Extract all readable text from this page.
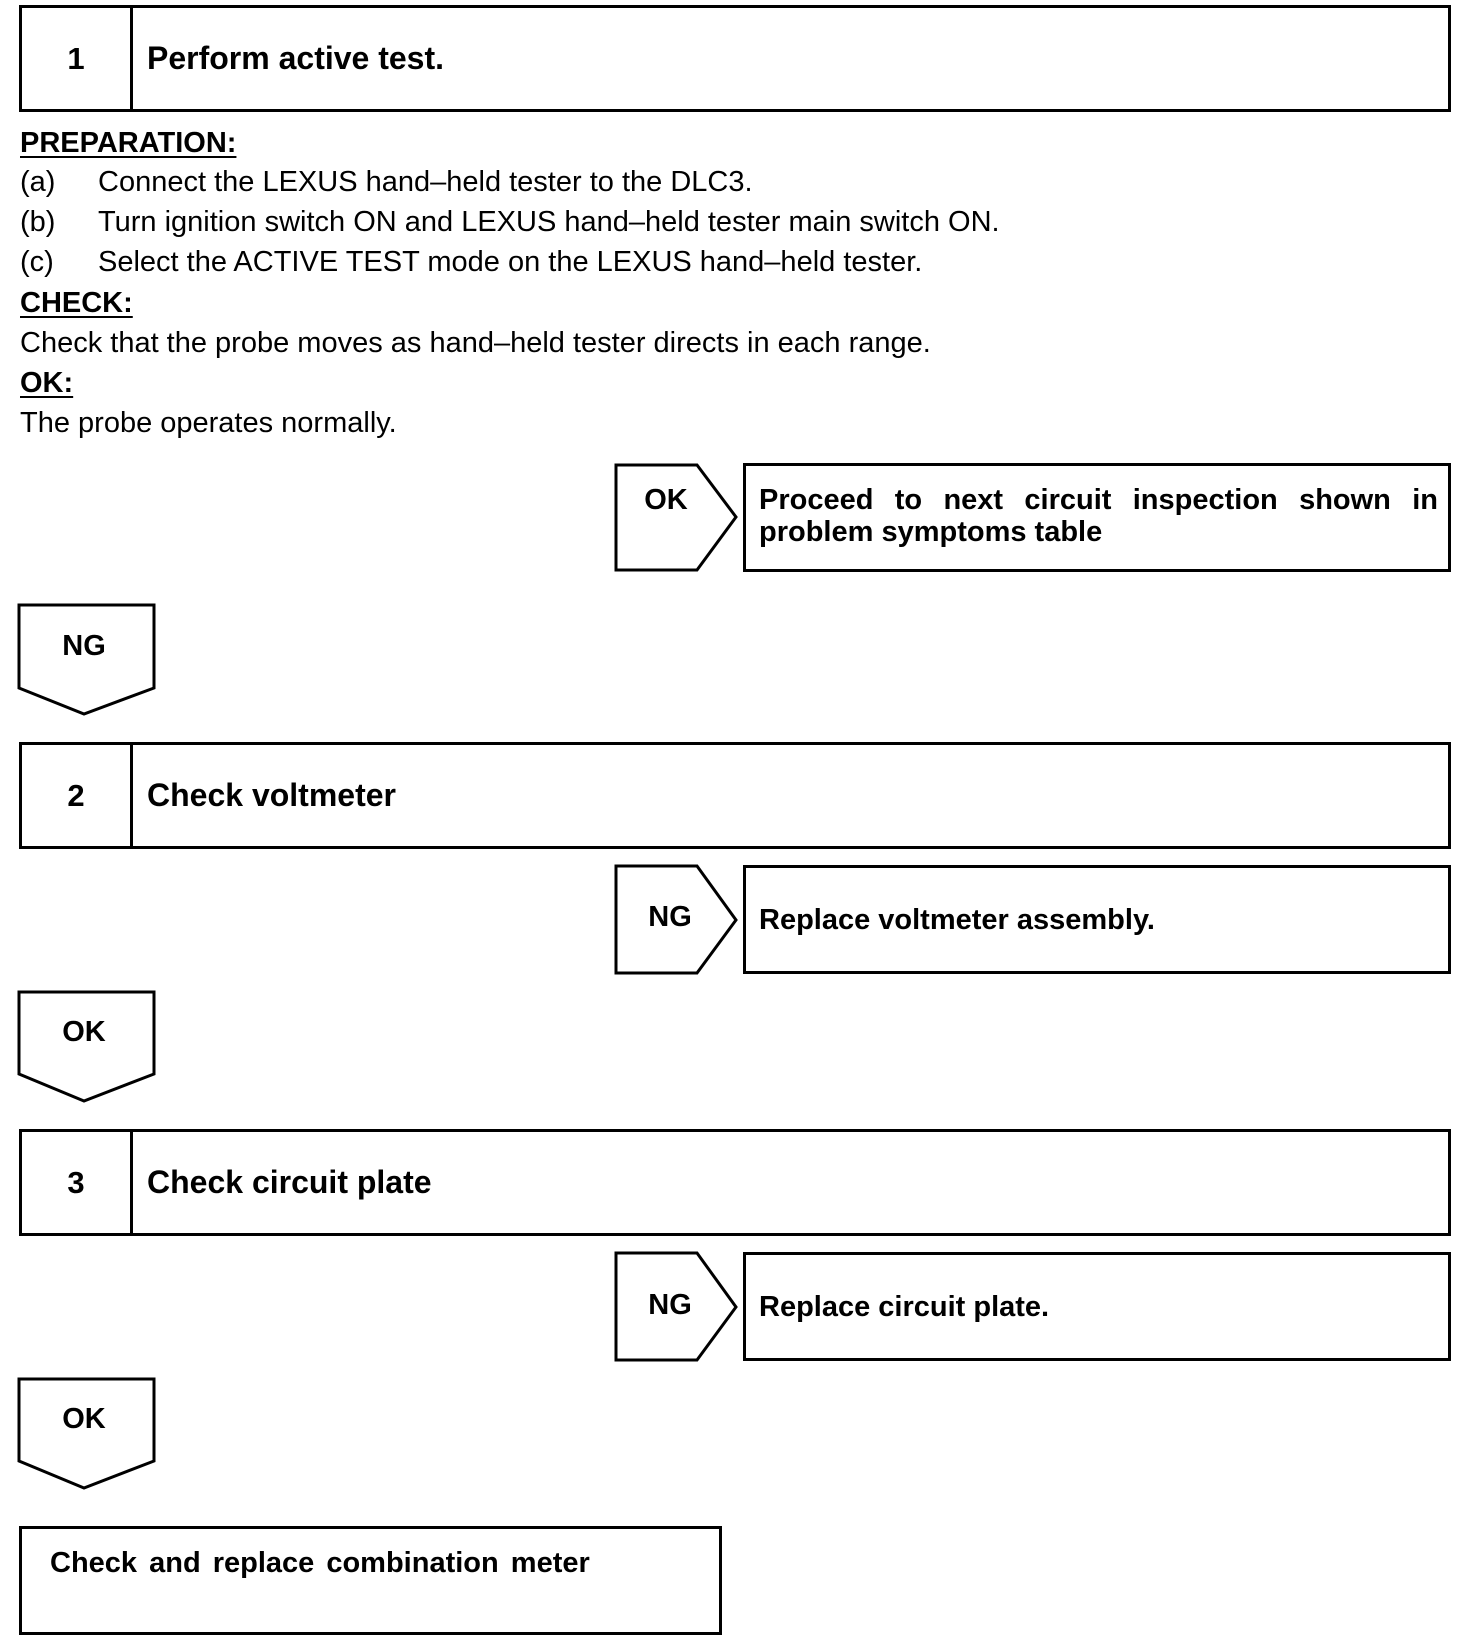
1	Perform active test.
PREPARATION:
(a) Connect the LEXUS hand–held tester to the DLC3.
(b) Turn ignition switch ON and LEXUS hand–held tester main switch ON.
(c) Select the ACTIVE TEST mode on the LEXUS hand–held tester.
CHECK:
Check that the probe moves as hand–held tester directs in each range.
OK:
The probe operates normally.
OK	Proceed to next circuit inspection shown in
problem symptoms table
NG
2	Check voltmeter
NG	Replace voltmeter assembly.
OK
3	Check circuit plate
NG	Replace circuit plate.
OK
Check and replace combination meter
